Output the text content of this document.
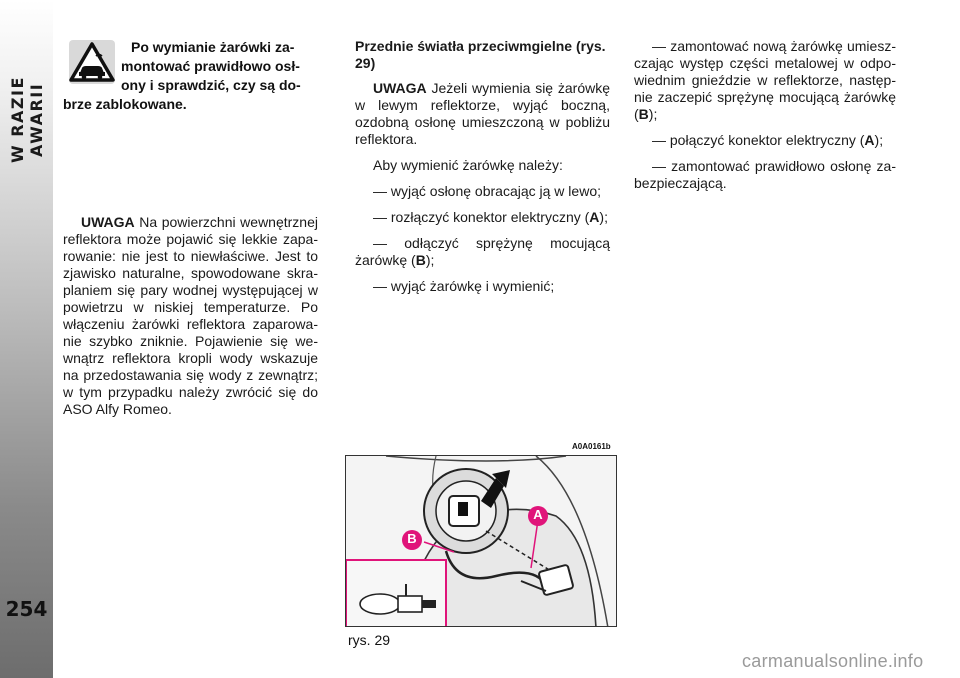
W RAZIE AWARII
254
Po wymianie żarówki za-
montować prawidłowo osł-
ony i sprawdzić, czy są do-
brze zablokowane.

UWAGA Na powierzchni wewnętrznej reflektora może pojawić się lekkie zaparowanie: nie jest to niewłaściwe. Jest to zjawisko naturalne, spowodowane skraplaniem się pary wodnej występującej w powietrzu w niskiej temperaturze. Po włączeniu żarówki reflektora zaparowanie szybko zniknie. Pojawienie się wewnątrz reflektora kropli wody wskazuje na przedostawania się wody z zewnątrz; w tym przypadku należy zwrócić się do ASO Alfy Romeo.

Przednie światła przeciwmgielne (rys. 29)

UWAGA Jeżeli wymienia się żarówkę w lewym reflektorze, wyjąć boczną, ozdobną osłonę umieszczoną w pobliżu reflektora.

Aby wymienić żarówkę należy:

— wyjąć osłonę obracając ją w lewo;

— rozłączyć konektor elektryczny (A);

— odłączyć sprężynę mocującą żarówkę (B);

— wyjąć żarówkę i wymienić;

— zamontować nową żarówkę umieszczając występ części metalowej w odpowiednim gnieździe w reflektorze, następnie zaczepić sprężynę mocującą żarówkę (B);

— połączyć konektor elektryczny (A);

— zamontować prawidłowo osłonę zabezpieczającą.

A0A0161b
B
A
rys. 29
carmanualsonline.info
